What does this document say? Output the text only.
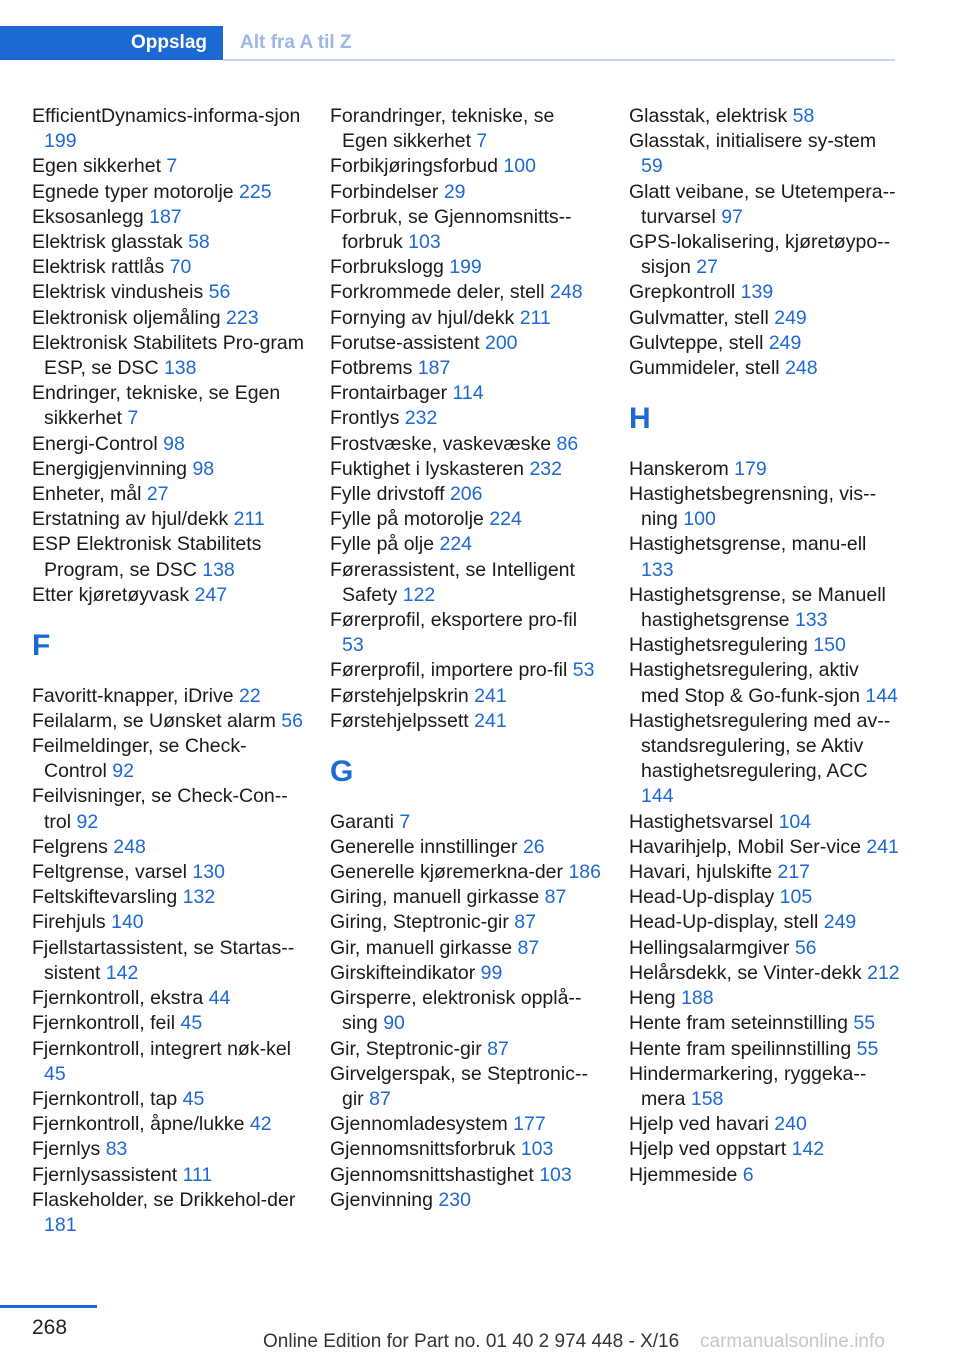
Oppslag Alt fra A til Z
EfficientDynamics-informa-sjon 199
Egen sikkerhet 7
Egnede typer motorolje 225
Eksosanlegg 187
Elektrisk glasstak 58
Elektrisk rattlås 70
Elektrisk vindusheis 56
Elektronisk oljemåling 223
Elektronisk Stabilitets Pro-gram ESP, se DSC 138
Endringer, tekniske, se Egen sikkerhet 7
Energi-Control 98
Energigjenvinning 98
Enheter, mål 27
Erstatning av hjul/dekk 211
ESP Elektronisk Stabilitets Program, se DSC 138
Etter kjøretøyvask 247
F
Favoritt-knapper, iDrive 22
Feilalarm, se Uønsket alarm 56
Feilmeldinger, se Check-Control 92
Feilvisninger, se Check-Con-trol 92
Felgrens 248
Feltgrense, varsel 130
Feltskiftevarsling 132
Firehjuls 140
Fjellstartassistent, se Startas-sistent 142
Fjernkontroll, ekstra 44
Fjernkontroll, feil 45
Fjernkontroll, integrert nøk-kel 45
Fjernkontroll, tap 45
Fjernkontroll, åpne/lukke 42
Fjernlys 83
Fjernlysassistent 111
Flaskeholder, se Drikkehol-der 181
Forandringer, tekniske, se Egen sikkerhet 7
Forbikjøringsforbud 100
Forbindelser 29
Forbruk, se Gjennomsnitts-forbruk 103
Forbrukslogg 199
Forkrommede deler, stell 248
Fornying av hjul/dekk 211
Forutse-assistent 200
Fotbrems 187
Frontairbager 114
Frontlys 232
Frostvæske, vaskevæske 86
Fuktighet i lyskasteren 232
Fylle drivstoff 206
Fylle på motorolje 224
Fylle på olje 224
Førerassistent, se Intelligent Safety 122
Førerprofil, eksportere pro-fil 53
Førerprofil, importere pro-fil 53
Førstehjelpskrin 241
Førstehjelpssett 241
G
Garanti 7
Generelle innstillinger 26
Generelle kjøremerkna-der 186
Giring, manuell girkasse 87
Giring, Steptronic-gir 87
Gir, manuell girkasse 87
Girskifteindikator 99
Girsperre, elektronisk opplå-sing 90
Gir, Steptronic-gir 87
Girvelgerspak, se Steptronic-gir 87
Gjennomladesystem 177
Gjennomsnittsforbruk 103
Gjennomsnittshastighet 103
Gjenvinning 230
Glasstak, elektrisk 58
Glasstak, initialisere sy-stem 59
Glatt veibane, se Utetempera-turvarsel 97
GPS-lokalisering, kjøretøypo-sisjon 27
Grepkontroll 139
Gulvmatter, stell 249
Gulvteppe, stell 249
Gummideler, stell 248
H
Hanskerom 179
Hastighetsbegrensning, vis-ning 100
Hastighetsgrense, manu-ell 133
Hastighetsgrense, se Manuell hastighetsgrense 133
Hastighetsregulering 150
Hastighetsregulering, aktiv med Stop & Go-funk-sjon 144
Hastighetsregulering med av-standsregulering, se Aktiv hastighetsregulering, ACC 144
Hastighetsvarsel 104
Havarihjelp, Mobil Ser-vice 241
Havari, hjulskifte 217
Head-Up-display 105
Head-Up-display, stell 249
Hellingsalarmgiver 56
Helårsdekk, se Vinter-dekk 212
Heng 188
Hente fram seteinnstilling 55
Hente fram speilinnstilling 55
Hindermarkering, ryggeka-mera 158
Hjelp ved havari 240
Hjelp ved oppstart 142
Hjemmeside 6
268
Online Edition for Part no. 01 40 2 974 448 - X/16 carmanualsonline.info
